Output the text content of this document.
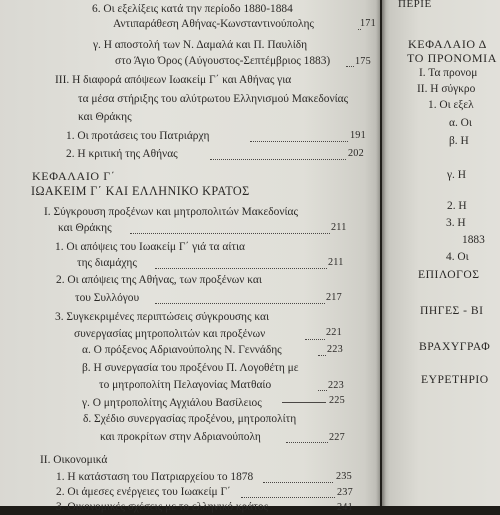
6. Οι εξελίξεις κατά την περίοδο 1880-1884
Αντιπαράθεση Αθήνας-Κωνσταντινούπολης	171
γ. Η αποστολή των Ν. Δαμαλά και Π. Παυλίδη
στο Άγιο Όρος (Αύγουστος-Σεπτέμβριος 1883) 175
ΙΙΙ. Η διαφορά απόψεων Ιωακείμ Γ΄ και Αθήνας για
τα μέσα στήριξης του αλύτρωτου Ελληνισμού Μακεδονίας
και Θράκης
1. Οι προτάσεις του Πατριάρχη	191
2. Η κριτική της Αθήνας	202
ΚΕΦΑΛΑΙΟ Γ΄
ΙΩΑΚΕΙΜ Γ΄ ΚΑΙ ΕΛΛΗΝΙΚΟ ΚΡΑΤΟΣ
Ι. Σύγκρουση προξένων και μητροπολιτών Μακεδονίας
και Θράκης	211
1. Οι απόψεις του Ιωακείμ Γ΄ γιά τα αίτια
της διαμάχης	211
2. Οι απόψεις της Αθήνας, των προξένων και
του Συλλόγου	217
3. Συγκεκριμένες περιπτώσεις σύγκρουσης και
συνεργασίας μητροπολιτών και προξένων	221
α. Ο πρόξενος Αδριανούπολης Ν. Γεννάδης	223
β. Η συνεργασία του προξένου Π. Λογοθέτη με
το μητροπολίτη Πελαγονίας Ματθαίο	223
γ. Ο μητροπολίτης Αγχιάλου Βασίλειος	225
δ. Σχέδιο συνεργασίας προξένου, μητροπολίτη
και προκρίτων στην Αδριανούπολη	227
ΙΙ. Οικονομικά
1. Η κατάσταση του Πατριαρχείου το 1878	235
2. Οι άμεσες ενέργειες του Ιωακείμ Γ΄	237
3. Οικονομικές σχέσεις με το ελληνικό κράτος	241
ΠΕΡΙΕ
ΚΕΦΑΛΑΙΟ Δ
ΤΟ ΠΡΟΝΟΜΙΑ
Ι. Τα προνομ
ΙΙ. Η σύγκρο
1. Οι εξελ
α. Οι
β. Η
γ. Η
2. Η
3. Η
1883
4. Οι
ΕΠΙΛΟΓΟΣ
ΠΗΓΕΣ - ΒΙ
ΒΡΑΧΥΓΡΑΦ
ΕΥΡΕΤΗΡΙΟ
